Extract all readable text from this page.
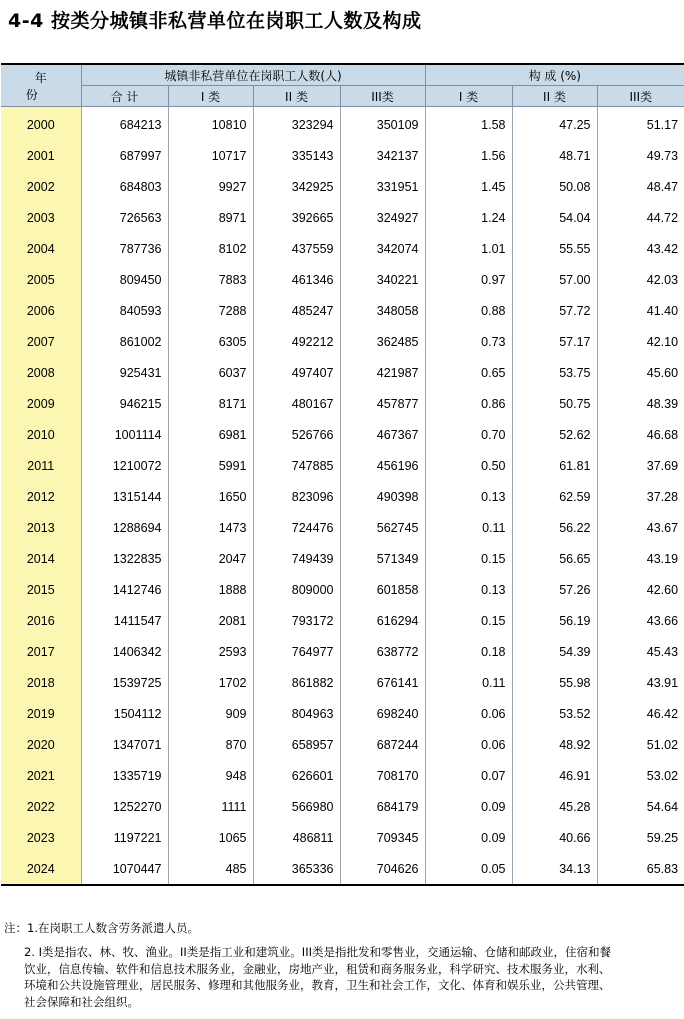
4-4 按类分城镇非私营单位在岗职工人数及构成
年 份	城镇非私营单位在岗职工人数(人)				构 成 (%)		
	合 计	I 类	II 类	III类	I 类	II 类	III类
2000	684213	10810	323294	350109	1.58	47.25	51.17
2001	687997	10717	335143	342137	1.56	48.71	49.73
2002	684803	9927	342925	331951	1.45	50.08	48.47
2003	726563	8971	392665	324927	1.24	54.04	44.72
2004	787736	8102	437559	342074	1.01	55.55	43.42
2005	809450	7883	461346	340221	0.97	57.00	42.03
2006	840593	7288	485247	348058	0.88	57.72	41.40
2007	861002	6305	492212	362485	0.73	57.17	42.10
2008	925431	6037	497407	421987	0.65	53.75	45.60
2009	946215	8171	480167	457877	0.86	50.75	48.39
2010	1001114	6981	526766	467367	0.70	52.62	46.68
2011	1210072	5991	747885	456196	0.50	61.81	37.69
2012	1315144	1650	823096	490398	0.13	62.59	37.28
2013	1288694	1473	724476	562745	0.11	56.22	43.67
2014	1322835	2047	749439	571349	0.15	56.65	43.19
2015	1412746	1888	809000	601858	0.13	57.26	42.60
2016	1411547	2081	793172	616294	0.15	56.19	43.66
2017	1406342	2593	764977	638772	0.18	54.39	45.43
2018	1539725	1702	861882	676141	0.11	55.98	43.91
2019	1504112	909	804963	698240	0.06	53.52	46.42
2020	1347071	870	658957	687244	0.06	48.92	51.02
2021	1335719	948	626601	708170	0.07	46.91	53.02
2022	1252270	1111	566980	684179	0.09	45.28	54.64
2023	1197221	1065	486811	709345	0.09	40.66	59.25
2024	1070447	485	365336	704626	0.05	34.13	65.83
注：1.在岗职工人数含劳务派遣人员。
2. I类是指农、林、牧、渔业。II类是指工业和建筑业。III类是指批发和零售业，交通运输、仓储和邮政业，住宿和餐饮业，信息传输、软件和信息技术服务业，金融业，房地产业，租赁和商务服务业，科学研究、技术服务业，水利、环境和公共设施管理业，居民服务、修理和其他服务业，教育，卫生和社会工作，文化、体育和娱乐业，公共管理、社会保障和社会组织。
